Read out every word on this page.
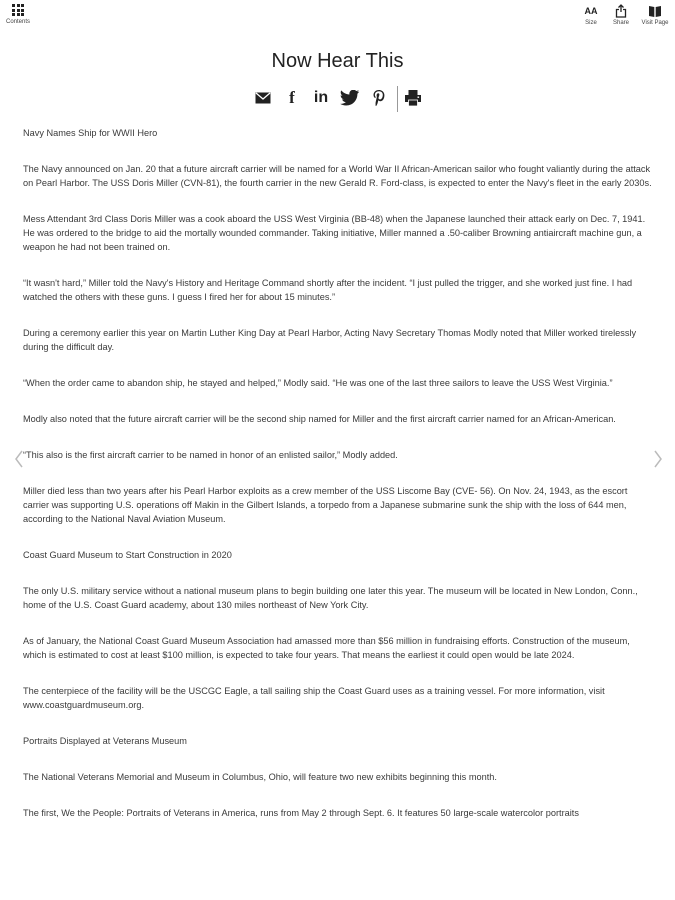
Contents
AA
Size	Share	Visit Page
Now Hear This
f	in

Navy Names Ship for WWII Hero

The Navy announced on Jan. 20 that a future aircraft carrier will be named for a World War II African-American sailor who fought valiantly during the attack on Pearl Harbor. The USS Doris Miller (CVN-81), the fourth carrier in the new Gerald R. Ford-class, is expected to enter the Navy's fleet in the early 2030s.

Mess Attendant 3rd Class Doris Miller was a cook aboard the USS West Virginia (BB-48) when the Japanese launched their attack early on Dec. 7, 1941. He was ordered to the bridge to aid the mortally wounded commander. Taking initiative, Miller manned a .50-caliber Browning antiaircraft machine gun, a weapon he had not been trained on.

“It wasn't hard,” Miller told the Navy's History and Heritage Command shortly after the incident. “I just pulled the trigger, and she worked just fine. I had watched the others with these guns. I guess I fired her for about 15 minutes.”

During a ceremony earlier this year on Martin Luther King Day at Pearl Harbor, Acting Navy Secretary Thomas Modly noted that Miller worked tirelessly during the difficult day.

“When the order came to abandon ship, he stayed and helped,” Modly said. “He was one of the last three sailors to leave the USS West Virginia.”

Modly also noted that the future aircraft carrier will be the second ship named for Miller and the first aircraft carrier named for an African-American.

“This also is the first aircraft carrier to be named in honor of an enlisted sailor,” Modly added.

Miller died less than two years after his Pearl Harbor exploits as a crew member of the USS Liscome Bay (CVE- 56). On Nov. 24, 1943, as the escort carrier was supporting U.S. operations off Makin in the Gilbert Islands, a torpedo from a Japanese submarine sunk the ship with the loss of 644 men, according to the National Naval Aviation Museum.

Coast Guard Museum to Start Construction in 2020

The only U.S. military service without a national museum plans to begin building one later this year. The museum will be located in New London, Conn., home of the U.S. Coast Guard academy, about 130 miles northeast of New York City.

As of January, the National Coast Guard Museum Association had amassed more than $56 million in fundraising efforts. Construction of the museum, which is estimated to cost at least $100 million, is expected to take four years. That means the earliest it could open would be late 2024.

The centerpiece of the facility will be the USCGC Eagle, a tall sailing ship the Coast Guard uses as a training vessel. For more information, visit www.coastguardmuseum.org.

Portraits Displayed at Veterans Museum

The National Veterans Memorial and Museum in Columbus, Ohio, will feature two new exhibits beginning this month.

The first, We the People: Portraits of Veterans in America, runs from May 2 through Sept. 6. It features 50 large-scale watercolor portraits
